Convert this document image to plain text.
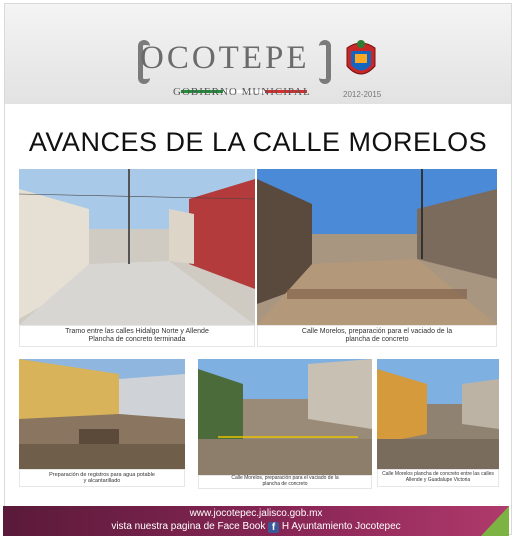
OCOTEPE
GOBIERNO MUNICIPAL	2012-2015
AVANCES DE LA CALLE MORELOS
Tramo entre las calles Hidalgo Norte y Allende
Plancha de concreto terminada
Calle Morelos, preparación para el vaciado de la
plancha de concreto
Preparación de registros para agua potable
y alcantarillado
Calle Morelos, preparación para el vaciado de la
plancha de concreto
Calle Morelos plancha de concreto entre las calles
Allende y Guadalupe Victoria
www.jocotepec.jalisco.gob.mx
vista nuestra pagina de Face Book f H Ayuntamiento Jocotepec
